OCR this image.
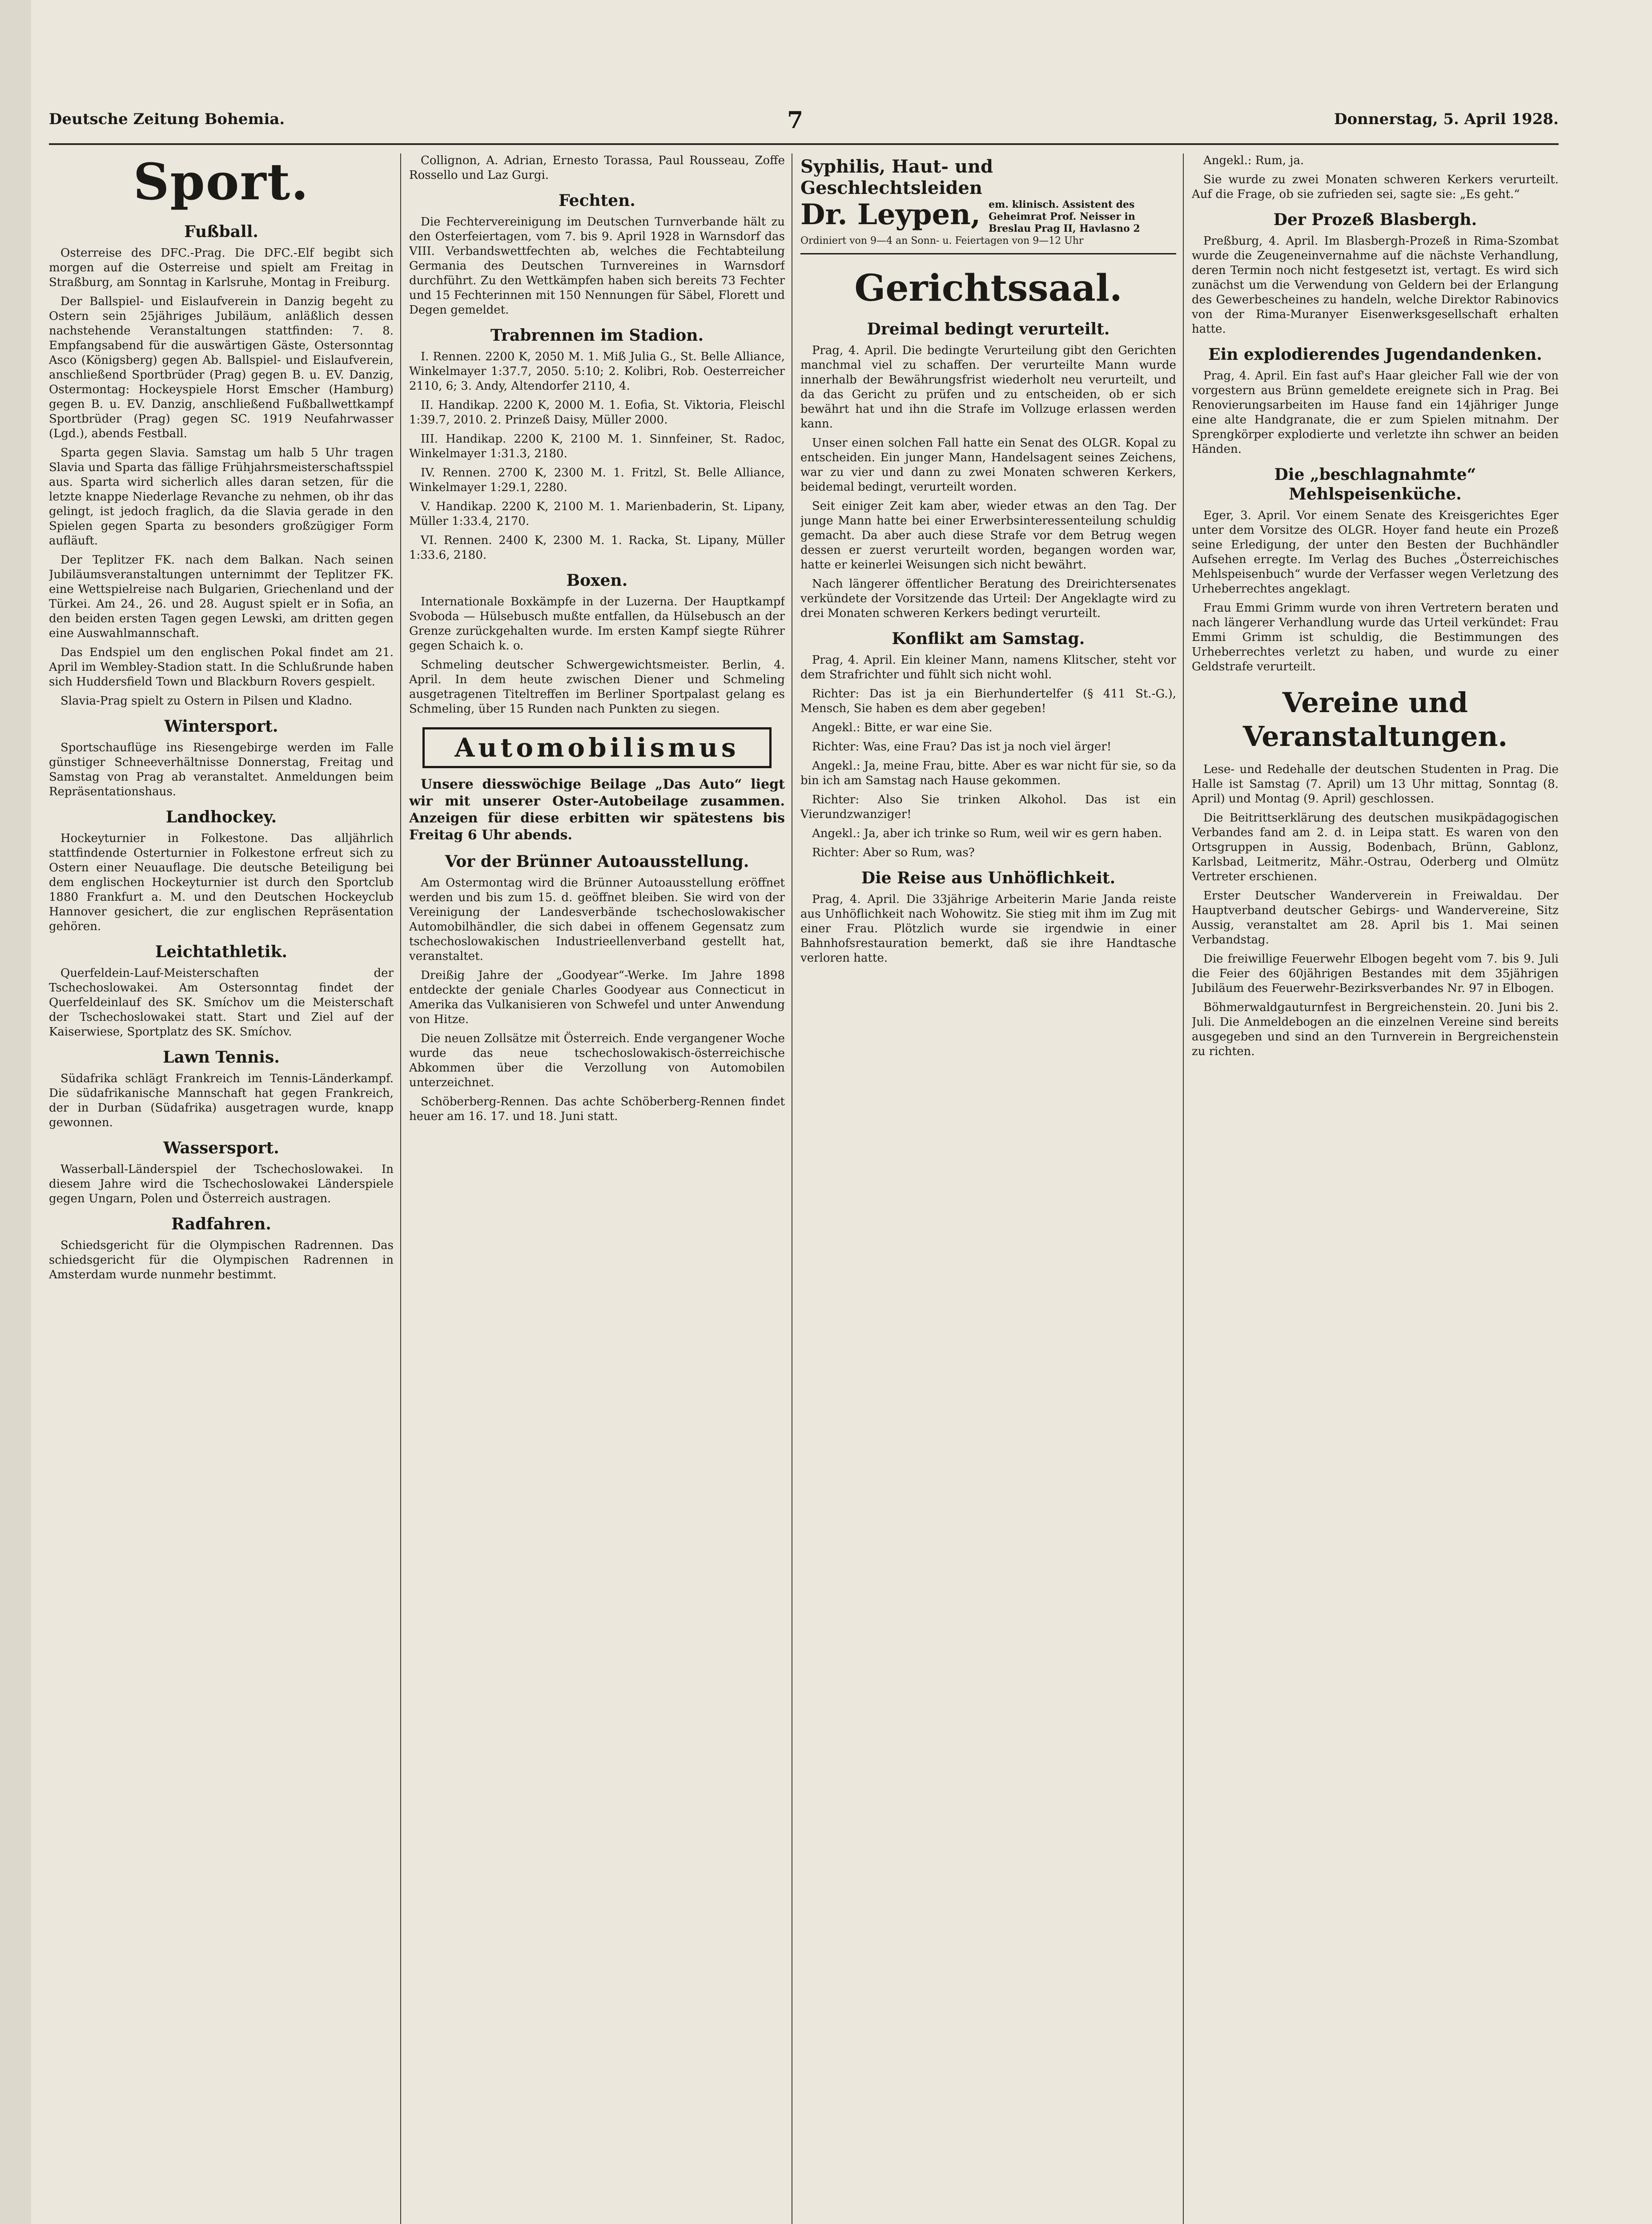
Deutsche Zeitung Bohemia.	7	Donnerstag, 5. April 1928.
Sport.
Fußball.

Osterreise des DFC.-Prag. Die DFC.-Elf begibt sich morgen auf die Osterreise und spielt am Freitag in Straßburg, am Sonntag in Karlsruhe, Montag in Freiburg.

Der Ballspiel- und Eislaufverein in Danzig begeht zu Ostern sein 25jähriges Jubiläum, anläßlich dessen nachstehende Veranstaltungen stattfinden: 7. 8. Empfangsabend für die auswärtigen Gäste, Ostersonntag Asco (Königsberg) gegen Ab. Ballspiel- und Eislaufverein, anschließend Sportbrüder (Prag) gegen B. u. EV. Danzig, Ostermontag: Hockeyspiele Horst Emscher (Hamburg) gegen B. u. EV. Danzig, anschließend Fußballwettkampf Sportbrüder (Prag) gegen SC. 1919 Neufahrwasser (Lgd.), abends Festball.

Sparta gegen Slavia. Samstag um halb 5 Uhr tragen Slavia und Sparta das fällige Frühjahrsmeisterschaftsspiel aus. Sparta wird sicherlich alles daran setzen, für die letzte knappe Niederlage Revanche zu nehmen, ob ihr das gelingt, ist jedoch fraglich, da die Slavia gerade in den Spielen gegen Sparta zu besonders großzügiger Form aufläuft.

Der Teplitzer FK. nach dem Balkan. Nach seinen Jubiläumsveranstaltungen unternimmt der Teplitzer FK. eine Wettspielreise nach Bulgarien, Griechenland und der Türkei. Am 24., 26. und 28. August spielt er in Sofia, an den beiden ersten Tagen gegen Lewski, am dritten gegen eine Auswahlmannschaft.

Das Endspiel um den englischen Pokal findet am 21. April im Wembley-Stadion statt. In die Schlußrunde haben sich Huddersfield Town und Blackburn Rovers gespielt.

Slavia-Prag spielt zu Ostern in Pilsen und Kladno.

Wintersport.

Sportschauflüge ins Riesengebirge werden im Falle günstiger Schneeverhältnisse Donnerstag, Freitag und Samstag von Prag ab veranstaltet. Anmeldungen beim Repräsentationshaus.

Landhockey.

Hockeyturnier in Folkestone. Das alljährlich stattfindende Osterturnier in Folkestone erfreut sich zu Ostern einer Neuauflage. Die deutsche Beteiligung bei dem englischen Hockeyturnier ist durch den Sportclub 1880 Frankfurt a. M. und den Deutschen Hockeyclub Hannover gesichert, die zur englischen Repräsentation gehören.

Leichtathletik.

Querfeldein-Lauf-Meisterschaften der Tschechoslowakei. Am Ostersonntag findet der Querfeldeinlauf des SK. Smíchov um die Meisterschaft der Tschechoslowakei statt. Start und Ziel auf der Kaiserwiese, Sportplatz des SK. Smíchov.

Lawn Tennis.

Südafrika schlägt Frankreich im Tennis-Länderkampf. Die südafrikanische Mannschaft hat gegen Frankreich, der in Durban (Südafrika) ausgetragen wurde, knapp gewonnen.

Wassersport.

Wasserball-Länderspiel der Tschechoslowakei. In diesem Jahre wird die Tschechoslowakei Länderspiele gegen Ungarn, Polen und Österreich austragen.

Radfahren.

Schiedsgericht für die Olympischen Radrennen. Das schiedsgericht für die Olympischen Radrennen in Amsterdam wurde nunmehr bestimmt.

Collignon, A. Adrian, Ernesto Torassa, Paul Rousseau, Zoffe Rossello und Laz Gurgi.

Fechten.

Die Fechtervereinigung im Deutschen Turnverbande hält zu den Osterfeiertagen, vom 7. bis 9. April 1928 in Warnsdorf das VIII. Verbandswettfechten ab, welches die Fechtabteilung Germania des Deutschen Turnvereines in Warnsdorf durchführt. Zu den Wettkämpfen haben sich bereits 73 Fechter und 15 Fechterinnen mit 150 Nennungen für Säbel, Florett und Degen gemeldet.

Trabrennen im Stadion.

I. Rennen. 2200 K, 2050 M. 1. Miß Julia G., St. Belle Alliance, Winkelmayer 1:37.7, 2050. 5:10; 2. Kolibri, Rob. Oesterreicher 2110, 6; 3. Andy, Altendorfer 2110, 4.

II. Handikap. 2200 K, 2000 M. 1. Eofia, St. Viktoria, Fleischl 1:39.7, 2010. 2. Prinzeß Daisy, Müller 2000.

III. Handikap. 2200 K, 2100 M. 1. Sinnfeiner, St. Radoc, Winkelmayer 1:31.3, 2180.

IV. Rennen. 2700 K, 2300 M. 1. Fritzl, St. Belle Alliance, Winkelmayer 1:29.1, 2280.

V. Handikap. 2200 K, 2100 M. 1. Marienbaderin, St. Lipany, Müller 1:33.4, 2170.

VI. Rennen. 2400 K, 2300 M. 1. Racka, St. Lipany, Müller 1:33.6, 2180.

Boxen.

Internationale Boxkämpfe in der Luzerna. Der Hauptkampf Svoboda — Hülsebusch mußte entfallen, da Hülsebusch an der Grenze zurückgehalten wurde. Im ersten Kampf siegte Rührer gegen Schaich k. o.

Schmeling deutscher Schwergewichtsmeister. Berlin, 4. April. In dem heute zwischen Diener und Schmeling ausgetragenen Titeltreffen im Berliner Sportpalast gelang es Schmeling, über 15 Runden nach Punkten zu siegen.

Automobilismus

Unsere diesswöchige Beilage „Das Auto“ liegt wir mit unserer Oster-Autobeilage zusammen. Anzeigen für diese erbitten wir spätestens bis Freitag 6 Uhr abends.

Vor der Brünner Autoausstellung.

Am Ostermontag wird die Brünner Autoausstellung eröffnet werden und bis zum 15. d. geöffnet bleiben. Sie wird von der Vereinigung der Landesverbände tschechoslowakischer Automobilhändler, die sich dabei in offenem Gegensatz zum tschechoslowakischen Industrieellenverband gestellt hat, veranstaltet.

Dreißig Jahre der „Goodyear“-Werke. Im Jahre 1898 entdeckte der geniale Charles Goodyear aus Connecticut in Amerika das Vulkanisieren von Schwefel und unter Anwendung von Hitze.

Die neuen Zollsätze mit Österreich. Ende vergangener Woche wurde das neue tschechoslowakisch-österreichische Abkommen über die Verzollung von Automobilen unterzeichnet.

Schöberberg-Rennen. Das achte Schöberberg-Rennen findet heuer am 16. 17. und 18. Juni statt.

Syphilis, Haut- und Geschlechtsleiden
Dr. Leypen, em. klinisch. Assistent des Geheimrat Prof. Neisser in Breslau Prag II, Havlasno 2
Ordiniert von 9—4 an Sonn- u. Feiertagen von 9—12 Uhr
Gerichtssaal.
Dreimal bedingt verurteilt.

Prag, 4. April. Die bedingte Verurteilung gibt den Gerichten manchmal viel zu schaffen. Der verurteilte Mann wurde innerhalb der Bewährungsfrist wiederholt neu verurteilt, und da das Gericht zu prüfen und zu entscheiden, ob er sich bewährt hat und ihn die Strafe im Vollzuge erlassen werden kann.

Unser einen solchen Fall hatte ein Senat des OLGR. Kopal zu entscheiden. Ein junger Mann, Handelsagent seines Zeichens, war zu vier und dann zu zwei Monaten schweren Kerkers, beidemal bedingt, verurteilt worden.

Seit einiger Zeit kam aber, wieder etwas an den Tag. Der junge Mann hatte bei einer Erwerbsinteressenteilung schuldig gemacht. Da aber auch diese Strafe vor dem Betrug wegen dessen er zuerst verurteilt worden, begangen worden war, hatte er keinerlei Weisungen sich nicht bewährt.

Nach längerer öffentlicher Beratung des Dreirichtersenates verkündete der Vorsitzende das Urteil: Der Angeklagte wird zu drei Monaten schweren Kerkers bedingt verurteilt.

Konflikt am Samstag.

Prag, 4. April. Ein kleiner Mann, namens Klitscher, steht vor dem Strafrichter und fühlt sich nicht wohl.

Richter: Das ist ja ein Bierhundertelfer (§ 411 St.-G.), Mensch, Sie haben es dem aber gegeben!

Angekl.: Bitte, er war eine Sie.

Richter: Was, eine Frau? Das ist ja noch viel ärger!

Angekl.: Ja, meine Frau, bitte. Aber es war nicht für sie, so da bin ich am Samstag nach Hause gekommen.

Richter: Also Sie trinken Alkohol. Das ist ein Vierundzwanziger!

Angekl.: Ja, aber ich trinke so Rum, weil wir es gern haben.

Richter: Aber so Rum, was?

Die Reise aus Unhöflichkeit.

Prag, 4. April. Die 33jährige Arbeiterin Marie Janda reiste aus Unhöflichkeit nach Wohowitz. Sie stieg mit ihm im Zug mit einer Frau. Plötzlich wurde sie irgendwie in einer Bahnhofsrestauration bemerkt, daß sie ihre Handtasche verloren hatte.

Angekl.: Rum, ja.

Sie wurde zu zwei Monaten schweren Kerkers verurteilt. Auf die Frage, ob sie zufrieden sei, sagte sie: „Es geht.“

Der Prozeß Blasbergh.

Preßburg, 4. April. Im Blasbergh-Prozeß in Rima-Szombat wurde die Zeugeneinvernahme auf die nächste Verhandlung, deren Termin noch nicht festgesetzt ist, vertagt. Es wird sich zunächst um die Verwendung von Geldern bei der Erlangung des Gewerbescheines zu handeln, welche Direktor Rabinovics von der Rima-Muranyer Eisenwerksgesellschaft erhalten hatte.

Ein explodierendes Jugendandenken.

Prag, 4. April. Ein fast auf's Haar gleicher Fall wie der von vorgestern aus Brünn gemeldete ereignete sich in Prag. Bei Renovierungsarbeiten im Hause fand ein 14jähriger Junge eine alte Handgranate, die er zum Spielen mitnahm. Der Sprengkörper explodierte und verletzte ihn schwer an beiden Händen.

Die „beschlagnahmte“ Mehlspeisenküche.

Eger, 3. April. Vor einem Senate des Kreisgerichtes Eger unter dem Vorsitze des OLGR. Hoyer fand heute ein Prozeß seine Erledigung, der unter den Besten der Buchhändler Aufsehen erregte. Im Verlag des Buches „Österreichisches Mehlspeisenbuch“ wurde der Verfasser wegen Verletzung des Urheberrechtes angeklagt.

Frau Emmi Grimm wurde von ihren Vertretern beraten und nach längerer Verhandlung wurde das Urteil verkündet: Frau Emmi Grimm ist schuldig, die Bestimmungen des Urheberrechtes verletzt zu haben, und wurde zu einer Geldstrafe verurteilt.

Vereine und Veranstaltungen.

Lese- und Redehalle der deutschen Studenten in Prag. Die Halle ist Samstag (7. April) um 13 Uhr mittag, Sonntag (8. April) und Montag (9. April) geschlossen.

Die Beitrittserklärung des deutschen musikpädagogischen Verbandes fand am 2. d. in Leipa statt. Es waren von den Ortsgruppen in Aussig, Bodenbach, Brünn, Gablonz, Karlsbad, Leitmeritz, Mähr.-Ostrau, Oderberg und Olmütz Vertreter erschienen.

Erster Deutscher Wanderverein in Freiwaldau. Der Hauptverband deutscher Gebirgs- und Wandervereine, Sitz Aussig, veranstaltet am 28. April bis 1. Mai seinen Verbandstag.

Die freiwillige Feuerwehr Elbogen begeht vom 7. bis 9. Juli die Feier des 60jährigen Bestandes mit dem 35jährigen Jubiläum des Feuerwehr-Bezirksverbandes Nr. 97 in Elbogen.

Böhmerwaldgauturnfest in Bergreichenstein. 20. Juni bis 2. Juli. Die Anmeldebogen an die einzelnen Vereine sind bereits ausgegeben und sind an den Turnverein in Bergreichenstein zu richten.
